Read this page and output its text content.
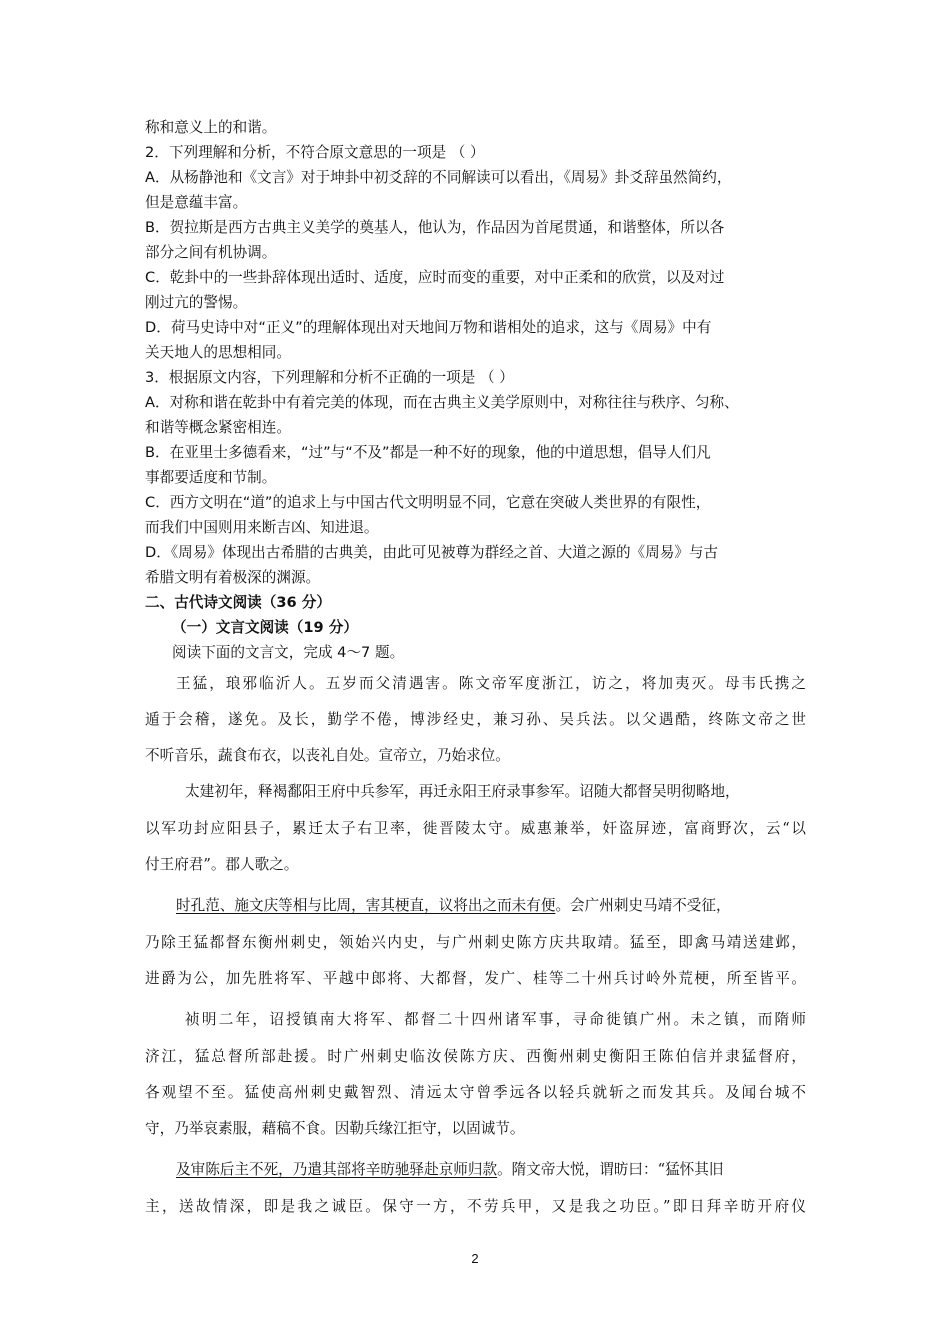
称和意义上的和谐。
2．下列理解和分析，不符合原文意思的一项是 （ ）
A．从杨静池和《文言》对于坤卦中初爻辞的不同解读可以看出，《周易》卦爻辞虽然简约，
但是意蕴丰富。
B．贺拉斯是西方古典主义美学的奠基人，他认为，作品因为首尾贯通，和谐整体，所以各
部分之间有机协调。
C．乾卦中的一些卦辞体现出适时、适度，应时而变的重要，对中正柔和的欣赏，以及对过
刚过亢的警惕。
D．荷马史诗中对“正义”的理解体现出对天地间万物和谐相处的追求，这与《周易》中有
关天地人的思想相同。
3．根据原文内容，下列理解和分析不正确的一项是 （ ）
A．对称和谐在乾卦中有着完美的体现，而在古典主义美学原则中，对称往往与秩序、匀称、
和谐等概念紧密相连。
B．在亚里士多德看来，“过”与“不及”都是一种不好的现象，他的中道思想，倡导人们凡
事都要适度和节制。
C．西方文明在“道”的追求上与中国古代文明明显不同，它意在突破人类世界的有限性，
而我们中国则用来断吉凶、知进退。
D．《周易》体现出古希腊的古典美，由此可见被尊为群经之首、大道之源的《周易》与古
希腊文明有着极深的渊源。
二、古代诗文阅读（36 分）
（一）文言文阅读（19 分）
阅读下面的文言文，完成 4～7 题。
王猛，琅邪临沂人。五岁而父清遇害。陈文帝军度浙江，访之，将加夷灭。母韦氏携之
遁于会稽，遂免。及长，勤学不倦，博涉经史，兼习孙、吴兵法。以父遇酷，终陈文帝之世
不听音乐，蔬食布衣，以丧礼自处。宣帝立，乃始求位。
太建初年，释褐鄱阳王府中兵参军，再迁永阳王府录事参军。诏随大都督吴明彻略地，
以军功封应阳县子，累迁太子右卫率，徙晋陵太守。威惠兼举，奸盗屏迹，富商野次，云“以
付王府君”。郡人歌之。
时孔范、施文庆等相与比周，害其梗直，议将出之而未有便。会广州刺史马靖不受征，
乃除王猛都督东衡州刺史，领始兴内史，与广州刺史陈方庆共取靖。猛至，即禽马靖送建邺，
进爵为公，加先胜将军、平越中郎将、大都督，发广、桂等二十州兵讨岭外荒梗，所至皆平。
祯明二年，诏授镇南大将军、都督二十四州诸军事，寻命徙镇广州。未之镇，而隋师
济江，猛总督所部赴援。时广州刺史临汝侯陈方庆、西衡州刺史衡阳王陈伯信并隶猛督府，
各观望不至。猛使高州刺史戴智烈、清远太守曾季远各以轻兵就斩之而发其兵。及闻台城不
守，乃举哀素服，藉稿不食。因勒兵缘江拒守，以固诚节。
及审陈后主不死，乃遣其部将辛昉驰驿赴京师归款。隋文帝大悦，谓昉曰：“猛怀其旧
主，送故情深，即是我之诚臣。保守一方，不劳兵甲，又是我之功臣。”即日拜辛昉开府仪
2
